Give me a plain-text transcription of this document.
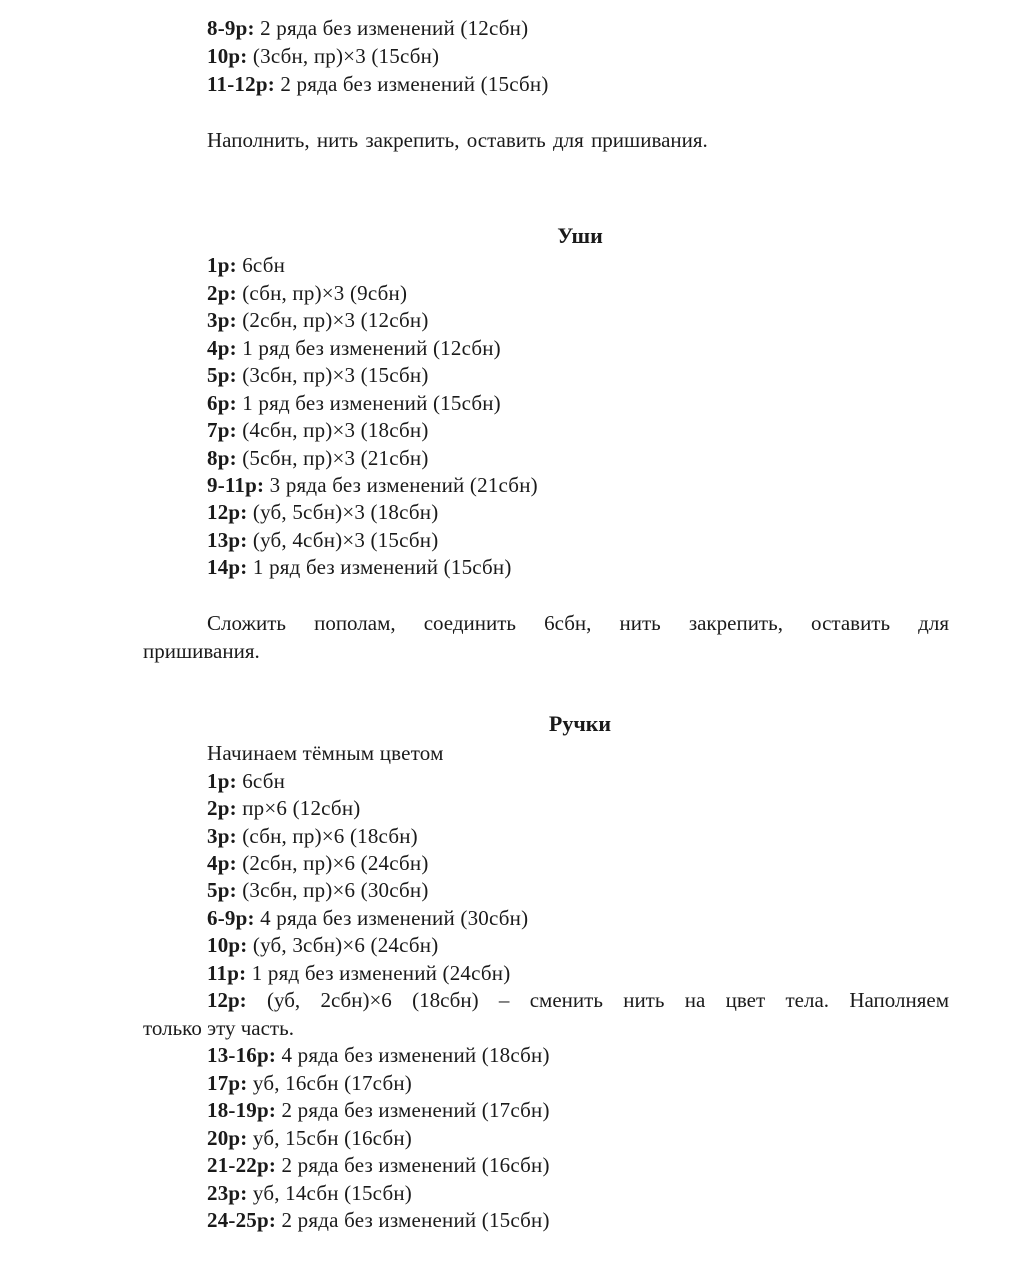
8-9р: 2 ряда без изменений (12сбн)
10р: (3сбн, пр)×3 (15сбн)
11-12р: 2 ряда без изменений (15сбн)
Наполнить, нить закрепить, оставить для пришивания.
Уши
1р: 6сбн
2р: (сбн, пр)×3 (9сбн)
3р: (2сбн, пр)×3 (12сбн)
4р: 1 ряд без изменений (12сбн)
5р: (3сбн, пр)×3 (15сбн)
6р: 1 ряд без изменений (15сбн)
7р: (4сбн, пр)×3 (18сбн)
8р: (5сбн, пр)×3 (21сбн)
9-11р: 3 ряда без изменений (21сбн)
12р: (уб, 5сбн)×3 (18сбн)
13р: (уб, 4сбн)×3 (15сбн)
14р: 1 ряд без изменений (15сбн)
Сложить пополам, соединить 6сбн, нить закрепить, оставить для
пришивания.
Ручки
Начинаем тёмным цветом
1р: 6сбн
2р: пр×6 (12сбн)
3р: (сбн, пр)×6 (18сбн)
4р: (2сбн, пр)×6 (24сбн)
5р: (3сбн, пр)×6 (30сбн)
6-9р: 4 ряда без изменений (30сбн)
10р: (уб, 3сбн)×6 (24сбн)
11р: 1 ряд без изменений (24сбн)
12р: (уб, 2сбн)×6 (18сбн) – сменить нить на цвет тела. Наполняем
только эту часть.
13-16р: 4 ряда без изменений (18сбн)
17р: уб, 16сбн (17сбн)
18-19р: 2 ряда без изменений (17сбн)
20р: уб, 15сбн (16сбн)
21-22р: 2 ряда без изменений (16сбн)
23р: уб, 14сбн (15сбн)
24-25р: 2 ряда без изменений (15сбн)
